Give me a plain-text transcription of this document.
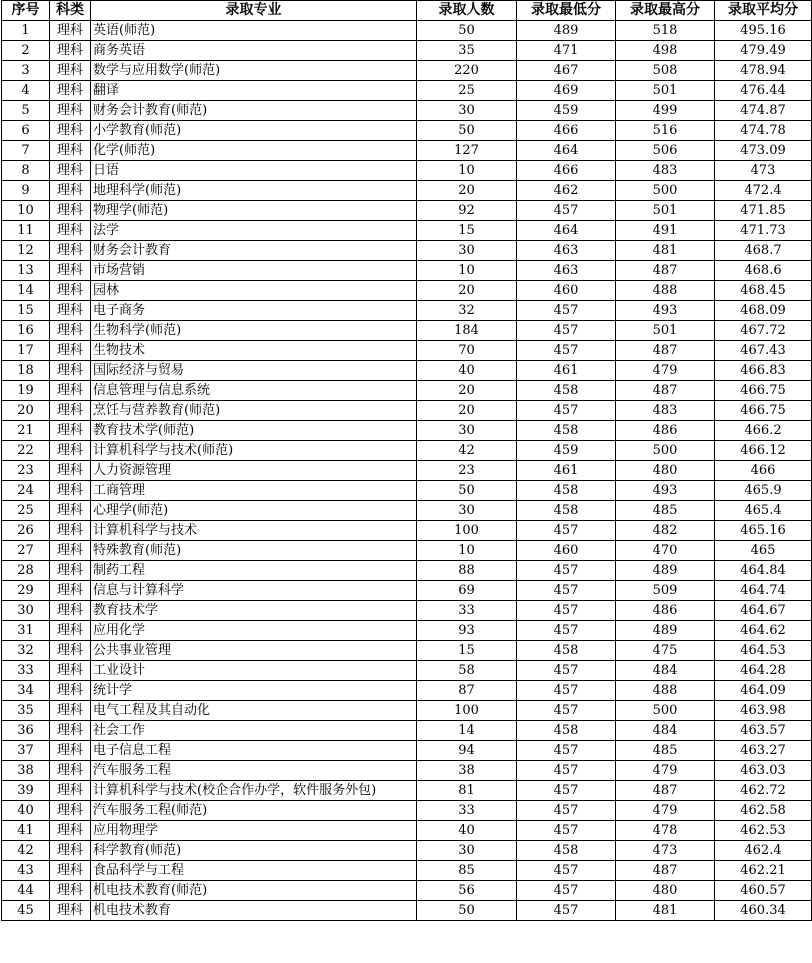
序号	科类	录取专业	录取人数	录取最低分	录取最高分	录取平均分
1	理科	英语(师范)	50	489	518	495.16
2	理科	商务英语	35	471	498	479.49
3	理科	数学与应用数学(师范)	220	467	508	478.94
4	理科	翻译	25	469	501	476.44
5	理科	财务会计教育(师范)	30	459	499	474.87
6	理科	小学教育(师范)	50	466	516	474.78
7	理科	化学(师范)	127	464	506	473.09
8	理科	日语	10	466	483	473
9	理科	地理科学(师范)	20	462	500	472.4
10	理科	物理学(师范)	92	457	501	471.85
11	理科	法学	15	464	491	471.73
12	理科	财务会计教育	30	463	481	468.7
13	理科	市场营销	10	463	487	468.6
14	理科	园林	20	460	488	468.45
15	理科	电子商务	32	457	493	468.09
16	理科	生物科学(师范)	184	457	501	467.72
17	理科	生物技术	70	457	487	467.43
18	理科	国际经济与贸易	40	461	479	466.83
19	理科	信息管理与信息系统	20	458	487	466.75
20	理科	烹饪与营养教育(师范)	20	457	483	466.75
21	理科	教育技术学(师范)	30	458	486	466.2
22	理科	计算机科学与技术(师范)	42	459	500	466.12
23	理科	人力资源管理	23	461	480	466
24	理科	工商管理	50	458	493	465.9
25	理科	心理学(师范)	30	458	485	465.4
26	理科	计算机科学与技术	100	457	482	465.16
27	理科	特殊教育(师范)	10	460	470	465
28	理科	制药工程	88	457	489	464.84
29	理科	信息与计算科学	69	457	509	464.74
30	理科	教育技术学	33	457	486	464.67
31	理科	应用化学	93	457	489	464.62
32	理科	公共事业管理	15	458	475	464.53
33	理科	工业设计	58	457	484	464.28
34	理科	统计学	87	457	488	464.09
35	理科	电气工程及其自动化	100	457	500	463.98
36	理科	社会工作	14	458	484	463.57
37	理科	电子信息工程	94	457	485	463.27
38	理科	汽车服务工程	38	457	479	463.03
39	理科	计算机科学与技术(校企合作办学，软件服务外包)	81	457	487	462.72
40	理科	汽车服务工程(师范)	33	457	479	462.58
41	理科	应用物理学	40	457	478	462.53
42	理科	科学教育(师范)	30	458	473	462.4
43	理科	食品科学与工程	85	457	487	462.21
44	理科	机电技术教育(师范)	56	457	480	460.57
45	理科	机电技术教育	50	457	481	460.34
